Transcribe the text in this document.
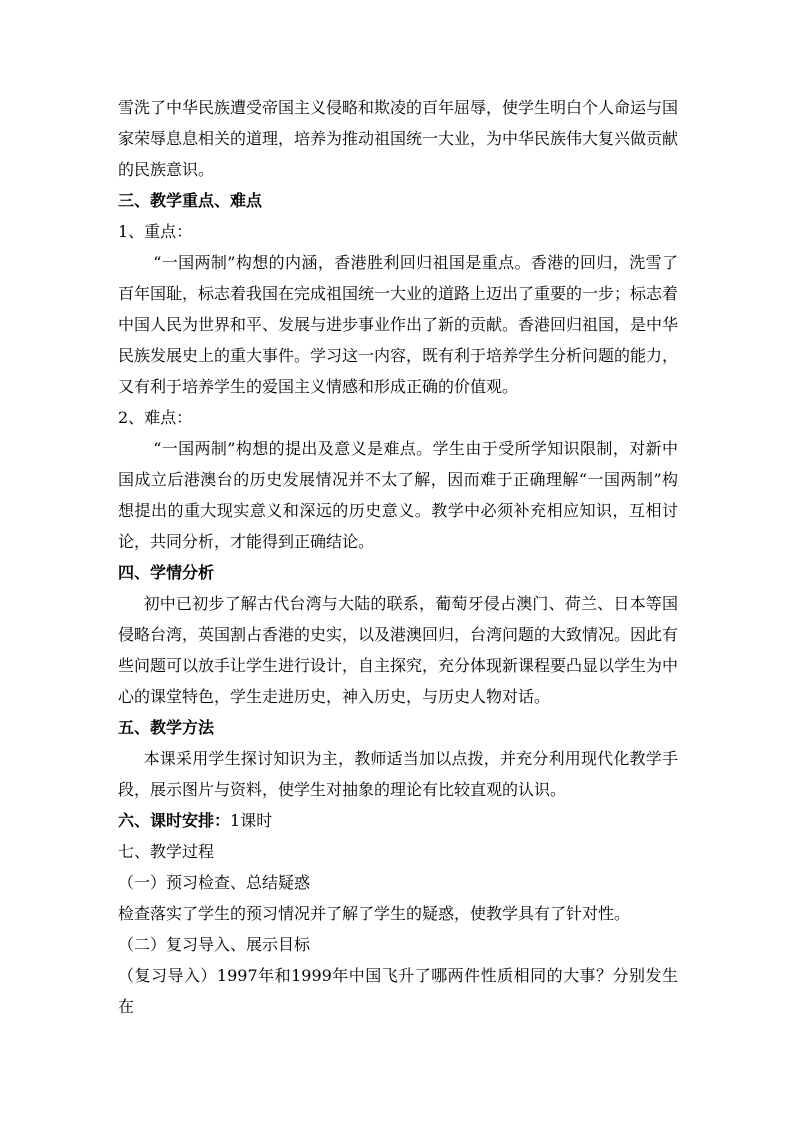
雪洗了中华民族遭受帝国主义侵略和欺凌的百年屈辱，使学生明白个人命运与国家荣辱息息相关的道理，培养为推动祖国统一大业，为中华民族伟大复兴做贡献的民族意识。

三、教学重点、难点

1、重点：

“一国两制”构想的内涵，香港胜利回归祖国是重点。香港的回归，洗雪了百年国耻，标志着我国在完成祖国统一大业的道路上迈出了重要的一步；标志着中国人民为世界和平、发展与进步事业作出了新的贡献。香港回归祖国，是中华民族发展史上的重大事件。学习这一内容，既有利于培养学生分析问题的能力，又有利于培养学生的爱国主义情感和形成正确的价值观。

2、难点：

“一国两制”构想的提出及意义是难点。学生由于受所学知识限制，对新中国成立后港澳台的历史发展情况并不太了解，因而难于正确理解“一国两制”构想提出的重大现实意义和深远的历史意义。教学中必须补充相应知识，互相讨论，共同分析，才能得到正确结论。

四、学情分析

初中已初步了解古代台湾与大陆的联系，葡萄牙侵占澳门、荷兰、日本等国侵略台湾，英国割占香港的史实，以及港澳回归，台湾问题的大致情况。因此有些问题可以放手让学生进行设计，自主探究，充分体现新课程要凸显以学生为中心的课堂特色，学生走进历史，神入历史，与历史人物对话。

五、教学方法

本课采用学生探讨知识为主，教师适当加以点拨，并充分利用现代化教学手段，展示图片与资料，使学生对抽象的理论有比较直观的认识。

六、课时安排：1课时

七、教学过程

（一）预习检查、总结疑惑

检查落实了学生的预习情况并了解了学生的疑惑，使教学具有了针对性。

（二）复习导入、展示目标

（复习导入）1997年和1999年中国飞升了哪两件性质相同的大事？分别发生在
